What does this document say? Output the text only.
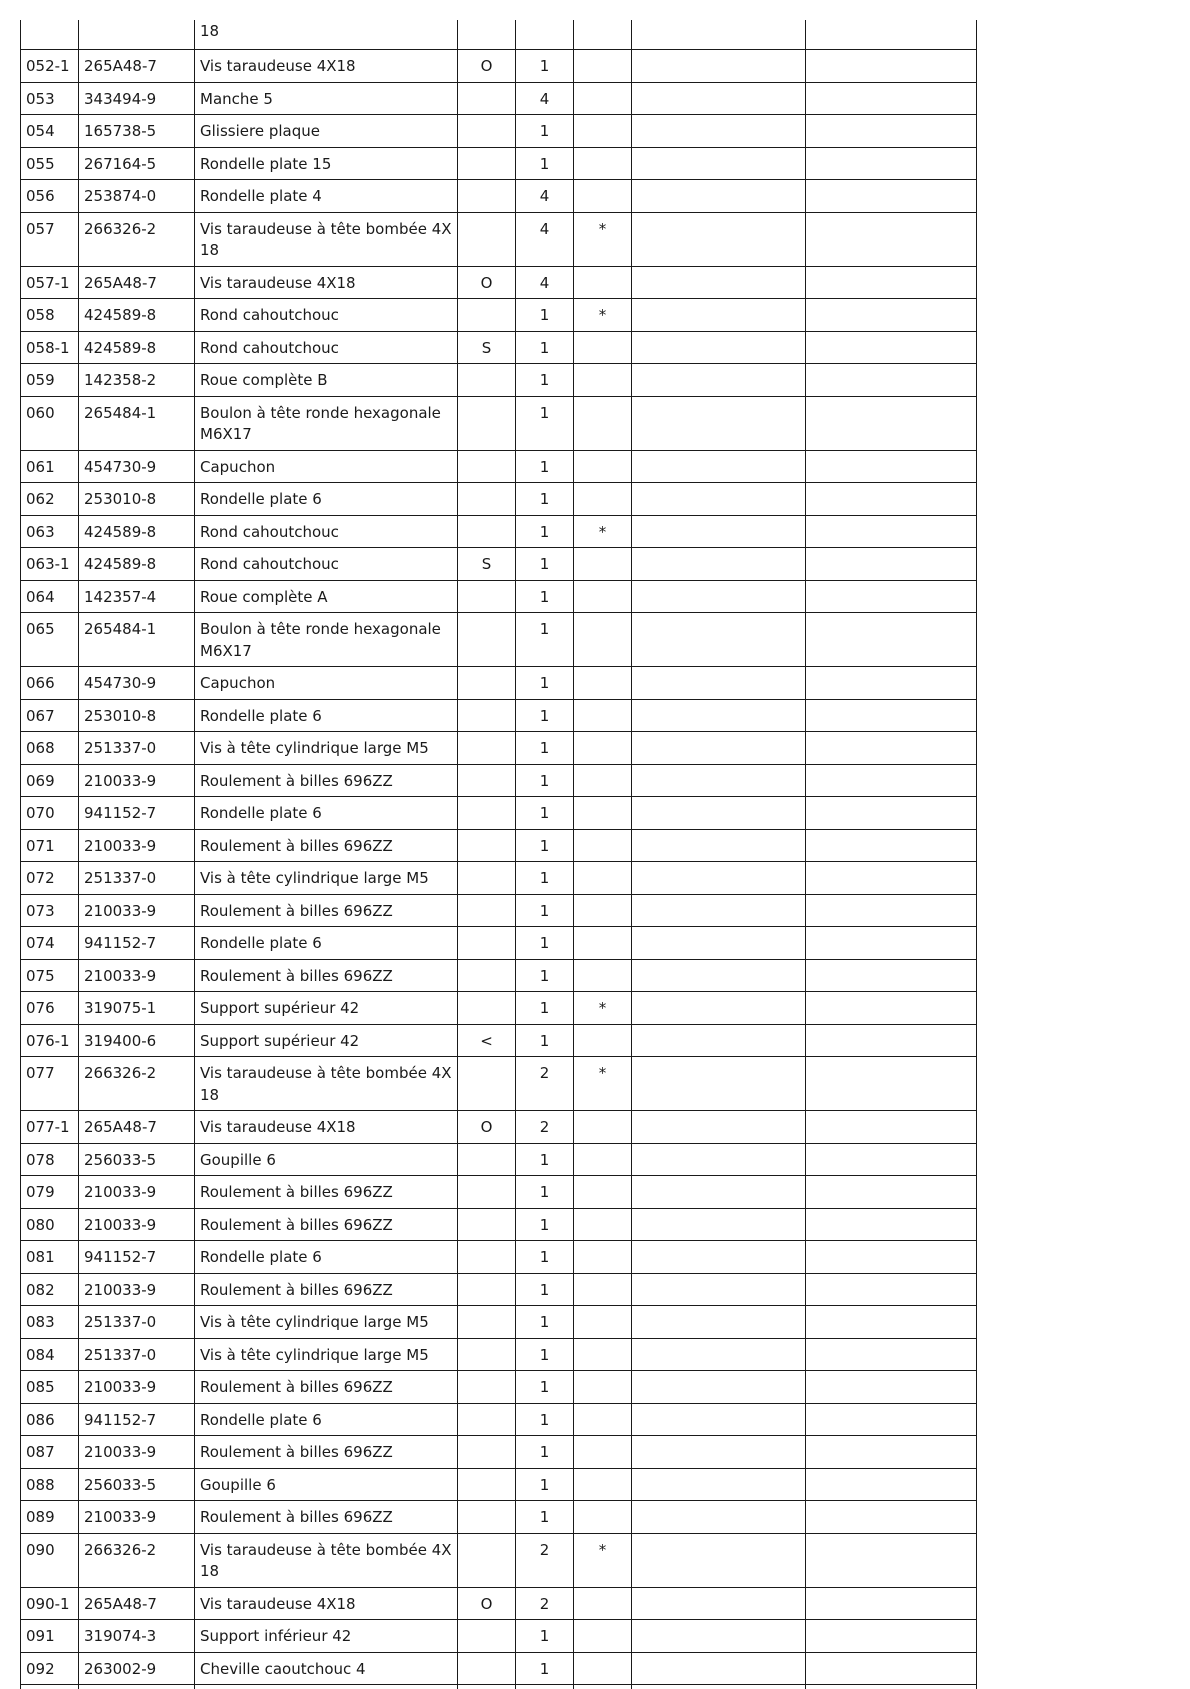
		18					
052-1	265A48-7	Vis taraudeuse 4X18	O	1			
053	343494-9	Manche 5		4			
054	165738-5	Glissiere plaque		1			
055	267164-5	Rondelle plate 15		1			
056	253874-0	Rondelle plate 4		4			
057	266326-2	Vis taraudeuse à tête bombée 4X 18		4	*		
057-1	265A48-7	Vis taraudeuse 4X18	O	4			
058	424589-8	Rond cahoutchouc		1	*		
058-1	424589-8	Rond cahoutchouc	S	1			
059	142358-2	Roue complète B		1			
060	265484-1	Boulon à tête ronde hexagonale M6X17		1			
061	454730-9	Capuchon		1			
062	253010-8	Rondelle plate 6		1			
063	424589-8	Rond cahoutchouc		1	*		
063-1	424589-8	Rond cahoutchouc	S	1			
064	142357-4	Roue complète A		1			
065	265484-1	Boulon à tête ronde hexagonale M6X17		1			
066	454730-9	Capuchon		1			
067	253010-8	Rondelle plate 6		1			
068	251337-0	Vis à tête cylindrique large M5		1			
069	210033-9	Roulement à billes 696ZZ		1			
070	941152-7	Rondelle plate 6		1			
071	210033-9	Roulement à billes 696ZZ		1			
072	251337-0	Vis à tête cylindrique large M5		1			
073	210033-9	Roulement à billes 696ZZ		1			
074	941152-7	Rondelle plate 6		1			
075	210033-9	Roulement à billes 696ZZ		1			
076	319075-1	Support supérieur 42		1	*		
076-1	319400-6	Support supérieur 42	<	1			
077	266326-2	Vis taraudeuse à tête bombée 4X 18		2	*		
077-1	265A48-7	Vis taraudeuse 4X18	O	2			
078	256033-5	Goupille 6		1			
079	210033-9	Roulement à billes 696ZZ		1			
080	210033-9	Roulement à billes 696ZZ		1			
081	941152-7	Rondelle plate 6		1			
082	210033-9	Roulement à billes 696ZZ		1			
083	251337-0	Vis à tête cylindrique large M5		1			
084	251337-0	Vis à tête cylindrique large M5		1			
085	210033-9	Roulement à billes 696ZZ		1			
086	941152-7	Rondelle plate 6		1			
087	210033-9	Roulement à billes 696ZZ		1			
088	256033-5	Goupille 6		1			
089	210033-9	Roulement à billes 696ZZ		1			
090	266326-2	Vis taraudeuse à tête bombée 4X 18		2	*		
090-1	265A48-7	Vis taraudeuse 4X18	O	2			
091	319074-3	Support inférieur 42		1			
092	263002-9	Cheville caoutchouc 4		1			
